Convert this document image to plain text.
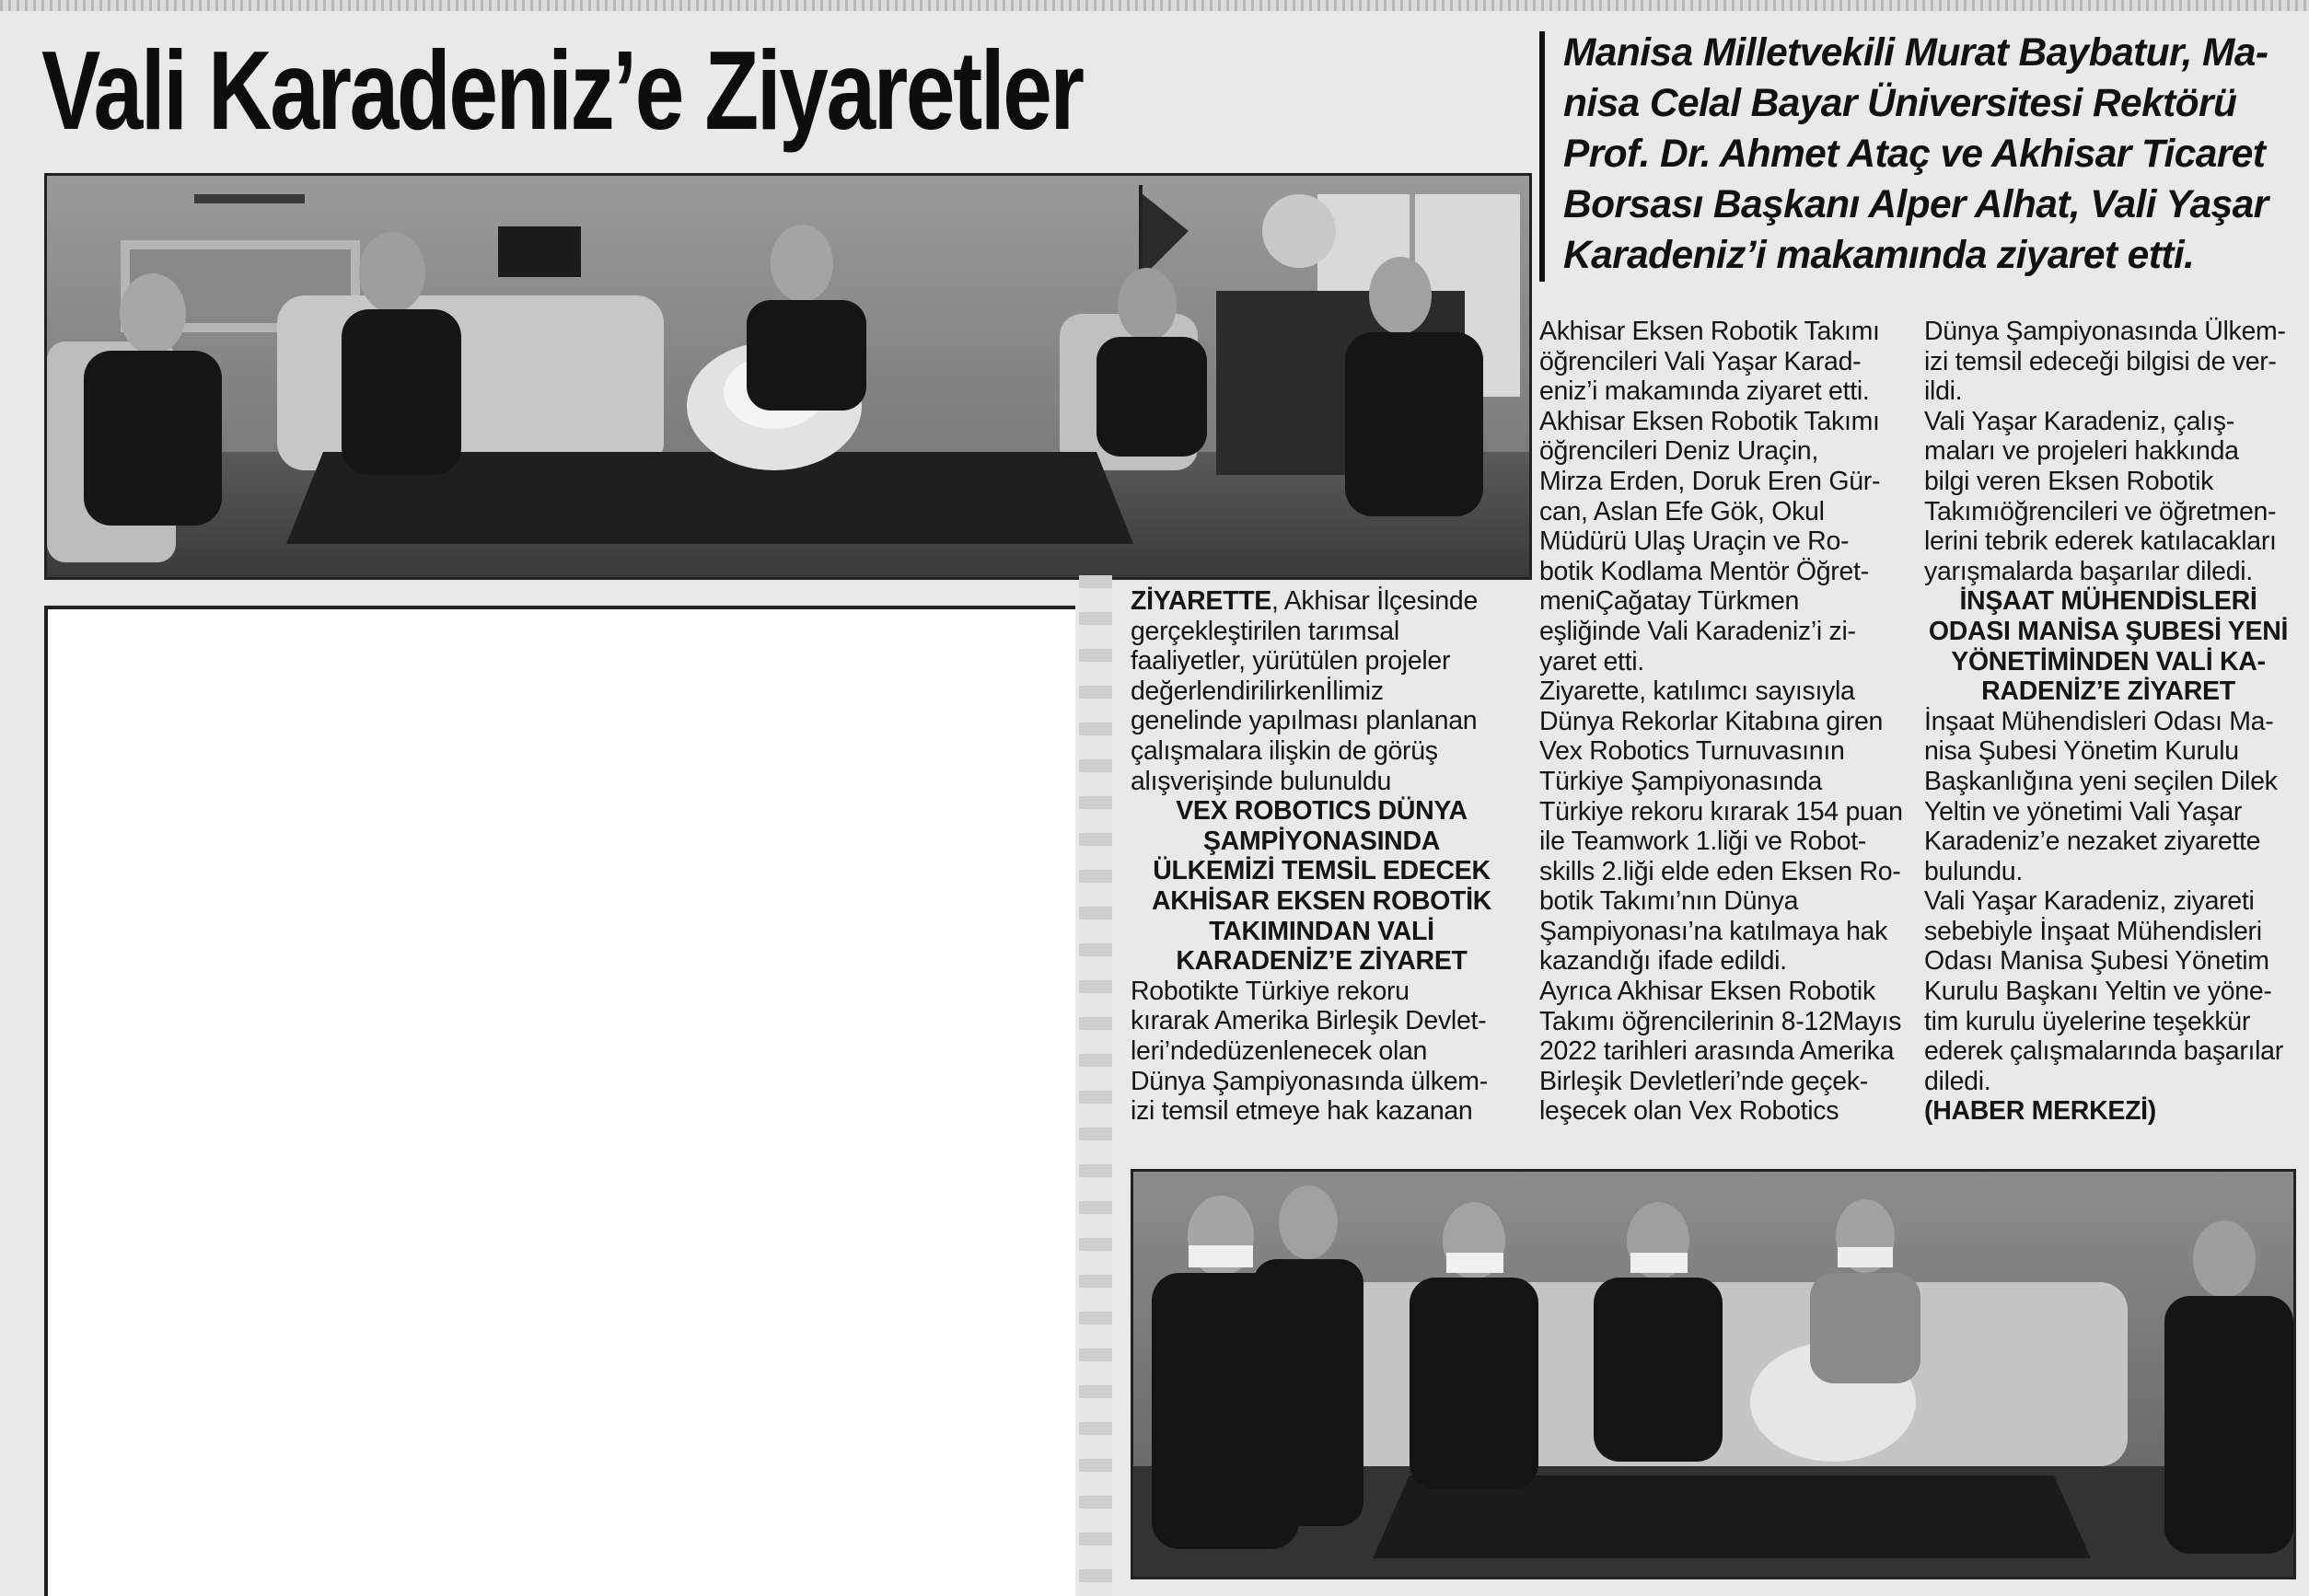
Vali Karadeniz’e Ziyaretler	Manisa Milletvekili Murat Baybatur, Ma-
nisa Celal Bayar Üniversitesi Rektörü
Prof. Dr. Ahmet Ataç ve Akhisar Ticaret
Borsası Başkanı Alper Alhat, Vali Yaşar
Karadeniz’i makamında ziyaret etti.
ZİYARETTE, Akhisar İlçesinde
gerçekleştirilen tarımsal
faaliyetler, yürütülen projeler
değerlendirilirkenİlimiz
genelinde yapılması planlanan
çalışmalara ilişkin de görüş
alışverişinde bulunuldu
VEX ROBOTICS DÜNYA
ŞAMPİYONASINDA
ÜLKEMİZİ TEMSİL EDECEK
AKHİSAR EKSEN ROBOTİK
TAKIMINDAN VALİ
KARADENİZ’E ZİYARET
Robotikte Türkiye rekoru
kırarak Amerika Birleşik Devlet-
leri’ndedüzenlenecek olan
Dünya Şampiyonasında ülkem-
izi temsil etmeye hak kazanan
Akhisar Eksen Robotik Takımı
öğrencileri Vali Yaşar Karad-
eniz’i makamında ziyaret etti.
Akhisar Eksen Robotik Takımı
öğrencileri Deniz Uraçin,
Mirza Erden, Doruk Eren Gür-
can, Aslan Efe Gök, Okul
Müdürü Ulaş Uraçin ve Ro-
botik Kodlama Mentör Öğret-
meniÇağatay Türkmen
eşliğinde Vali Karadeniz’i zi-
yaret etti.
Ziyarette, katılımcı sayısıyla
Dünya Rekorlar Kitabına giren
Vex Robotics Turnuvasının
Türkiye Şampiyonasında
Türkiye rekoru kırarak 154 puan
ile Teamwork 1.liği ve Robot-
skills 2.liği elde eden Eksen Ro-
botik Takımı’nın Dünya
Şampiyonası’na katılmaya hak
kazandığı ifade edildi.
Ayrıca Akhisar Eksen Robotik
Takımı öğrencilerinin 8-12Mayıs
2022 tarihleri arasında Amerika
Birleşik Devletleri’nde geçek-
leşecek olan Vex Robotics
Dünya Şampiyonasında Ülkem-
izi temsil edeceği bilgisi de ver-
ildi.
Vali Yaşar Karadeniz, çalış-
maları ve projeleri hakkında
bilgi veren Eksen Robotik
Takımıöğrencileri ve öğretmen-
lerini tebrik ederek katılacakları
yarışmalarda başarılar diledi.
İNŞAAT MÜHENDİSLERİ
ODASI MANİSA ŞUBESİ YENİ
YÖNETİMİNDEN VALİ KA-
RADENİZ’E ZİYARET
İnşaat Mühendisleri Odası Ma-
nisa Şubesi Yönetim Kurulu
Başkanlığına yeni seçilen Dilek
Yeltin ve yönetimi Vali Yaşar
Karadeniz’e nezaket ziyarette
bulundu.
Vali Yaşar Karadeniz, ziyareti
sebebiyle İnşaat Mühendisleri
Odası Manisa Şubesi Yönetim
Kurulu Başkanı Yeltin ve yöne-
tim kurulu üyelerine teşekkür
ederek çalışmalarında başarılar
diledi.
(HABER MERKEZİ)
